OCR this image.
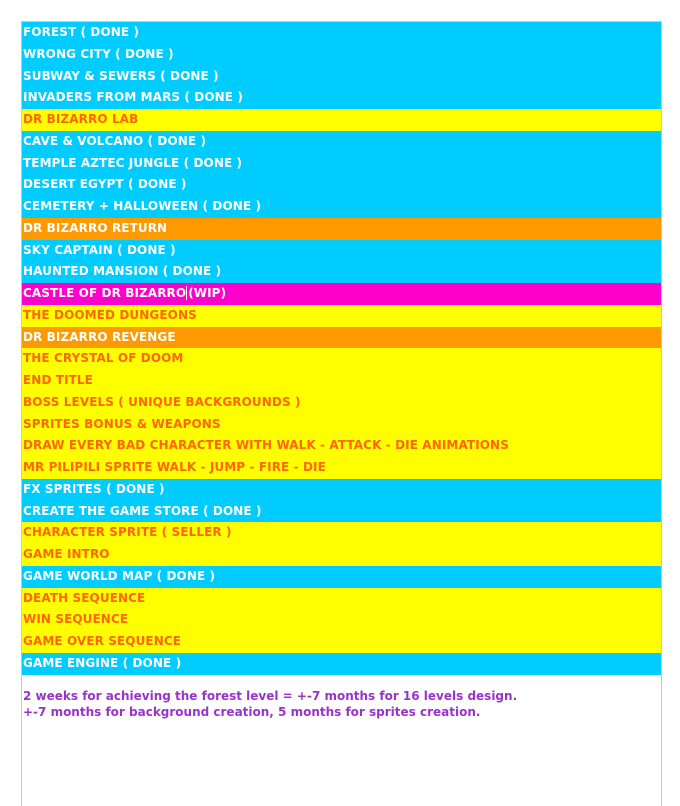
FOREST ( DONE )
WRONG CITY ( DONE )
SUBWAY & SEWERS ( DONE )
INVADERS FROM MARS ( DONE )
DR BIZARRO LAB
CAVE & VOLCANO ( DONE )
TEMPLE AZTEC JUNGLE ( DONE )
DESERT EGYPT ( DONE )
CEMETERY + HALLOWEEN ( DONE )
DR BIZARRO RETURN
SKY CAPTAIN ( DONE )
HAUNTED MANSION ( DONE )
CASTLE OF DR BIZARRO (WIP)
THE DOOMED DUNGEONS
DR BIZARRO REVENGE
THE CRYSTAL OF DOOM
END TITLE
BOSS LEVELS ( UNIQUE BACKGROUNDS )
SPRITES BONUS & WEAPONS
DRAW EVERY BAD CHARACTER WITH WALK - ATTACK - DIE ANIMATIONS
MR PILIPILI SPRITE WALK - JUMP - FIRE - DIE
FX SPRITES ( DONE )
CREATE THE GAME STORE ( DONE )
CHARACTER SPRITE ( SELLER )
GAME INTRO
GAME WORLD MAP ( DONE )
DEATH SEQUENCE
WIN SEQUENCE
GAME OVER SEQUENCE
GAME ENGINE ( DONE )
2 weeks for achieving the forest level = +-7 months for 16 levels design.
+-7 months for background creation, 5 months for sprites creation.
